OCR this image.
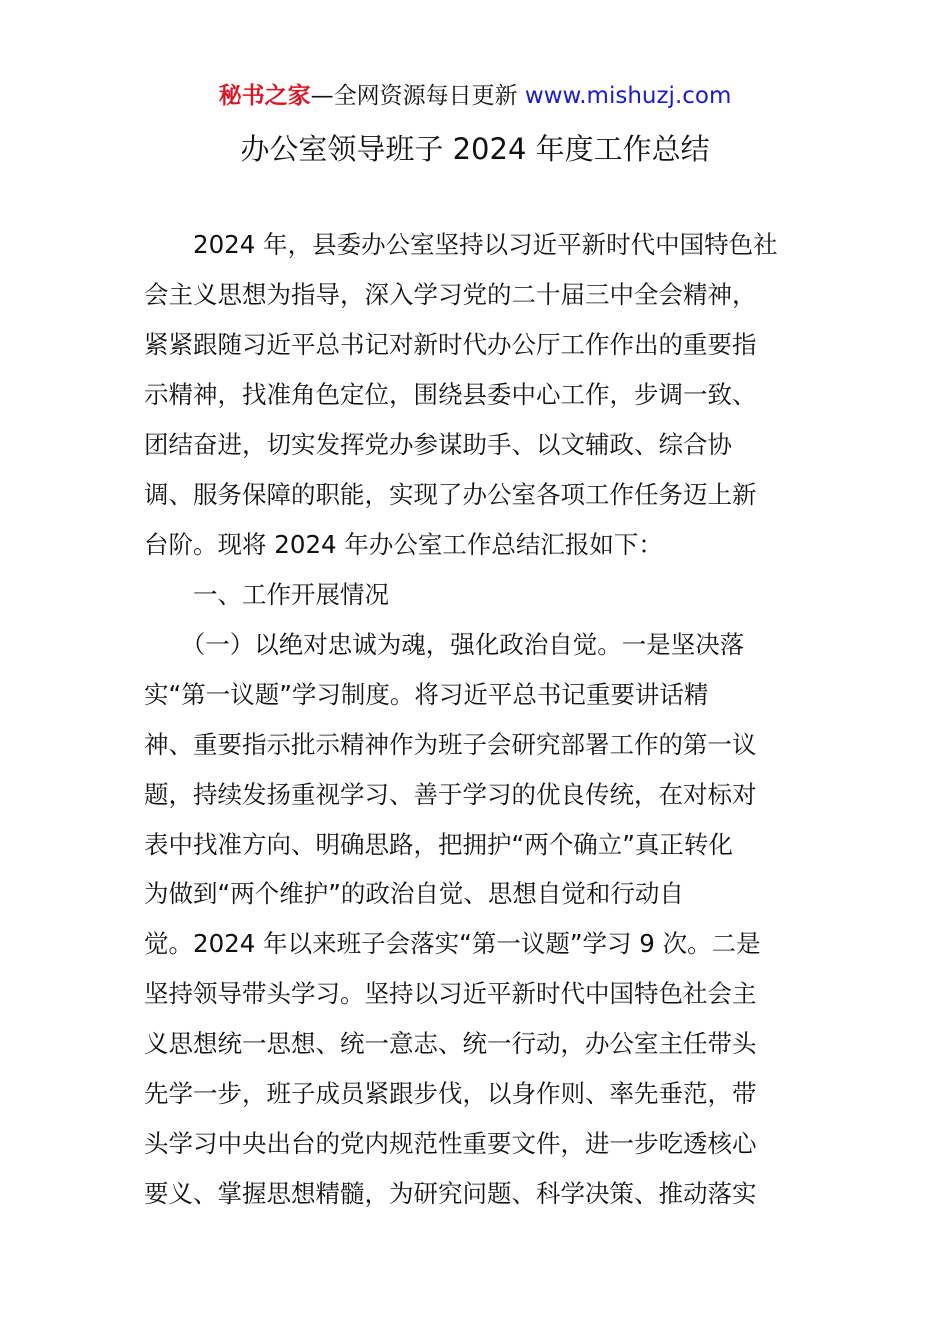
秘书之家—全网资源每日更新 www.mishuzj.com
办公室领导班子 2024 年度工作总结
　　2024 年，县委办公室坚持以习近平新时代中国特色社
会主义思想为指导，深入学习党的二十届三中全会精神，
紧紧跟随习近平总书记对新时代办公厅工作作出的重要指
示精神，找准角色定位，围绕县委中心工作，步调一致、
团结奋进，切实发挥党办参谋助手、以文辅政、综合协
调、服务保障的职能，实现了办公室各项工作任务迈上新
台阶。现将 2024 年办公室工作总结汇报如下：
　　一、工作开展情况
　　（一）以绝对忠诚为魂，强化政治自觉。一是坚决落
实“第一议题”学习制度。将习近平总书记重要讲话精
神、重要指示批示精神作为班子会研究部署工作的第一议
题，持续发扬重视学习、善于学习的优良传统，在对标对
表中找准方向、明确思路，把拥护“两个确立”真正转化
为做到“两个维护”的政治自觉、思想自觉和行动自
觉。2024 年以来班子会落实“第一议题”学习 9 次。二是
坚持领导带头学习。坚持以习近平新时代中国特色社会主
义思想统一思想、统一意志、统一行动，办公室主任带头
先学一步，班子成员紧跟步伐，以身作则、率先垂范，带
头学习中央出台的党内规范性重要文件，进一步吃透核心
要义、掌握思想精髓，为研究问题、科学决策、推动落实
